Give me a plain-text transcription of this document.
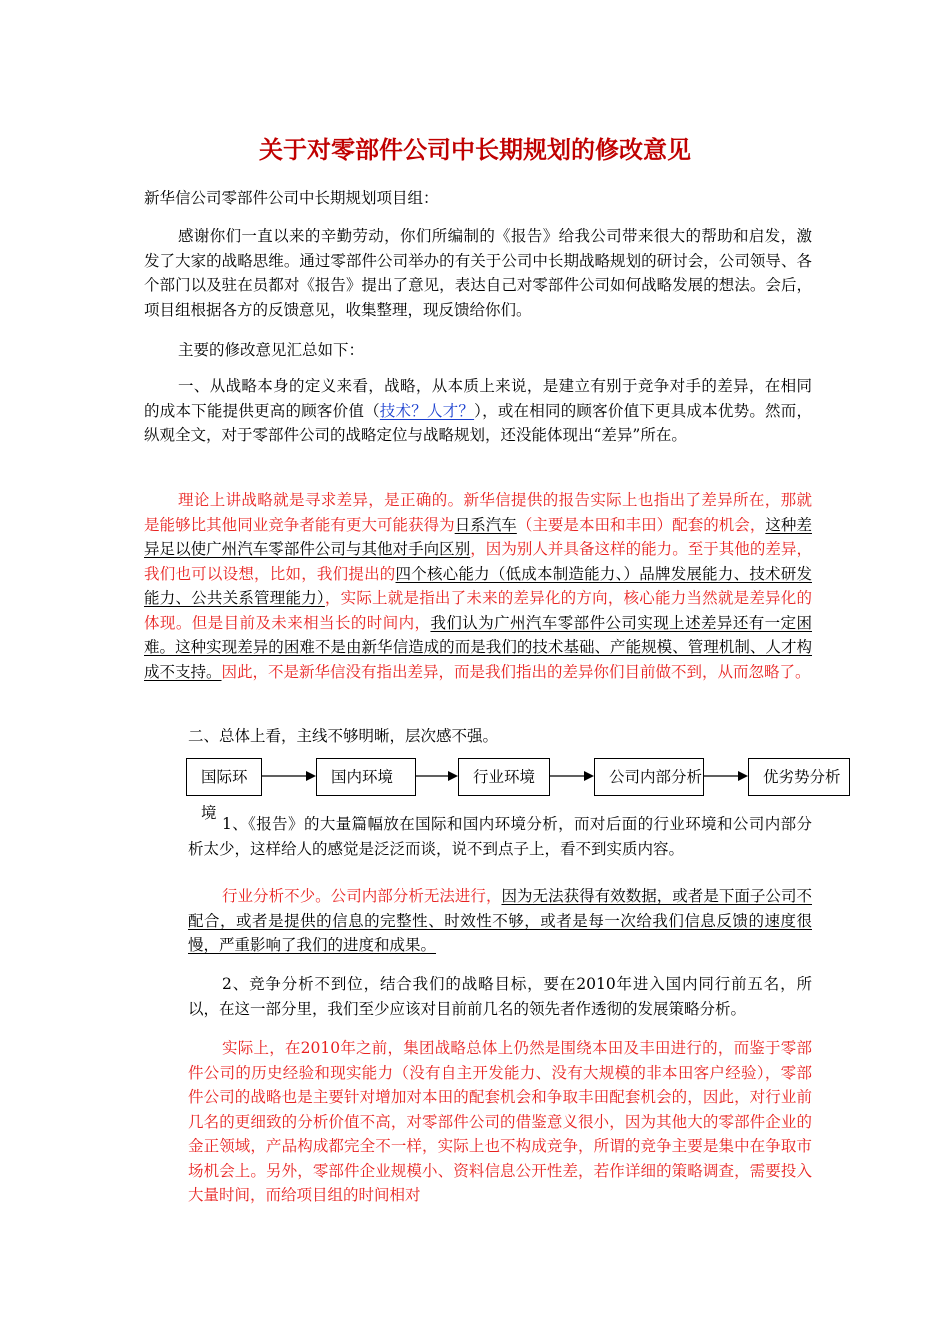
关于对零部件公司中长期规划的修改意见
新华信公司零部件公司中长期规划项目组：
感谢你们一直以来的辛勤劳动，你们所编制的《报告》给我公司带来很大的帮助和启发，激发了大家的战略思维。通过零部件公司举办的有关于公司中长期战略规划的研讨会，公司领导、各个部门以及驻在员都对《报告》提出了意见，表达自己对零部件公司如何战略发展的想法。会后，项目组根据各方的反馈意见，收集整理，现反馈给你们。
主要的修改意见汇总如下：
一、从战略本身的定义来看，战略，从本质上来说，是建立有别于竞争对手的差异，在相同的成本下能提供更高的顾客价值（技术？人才？），或在相同的顾客价值下更具成本优势。然而，纵观全文，对于零部件公司的战略定位与战略规划，还没能体现出“差异”所在。
理论上讲战略就是寻求差异，是正确的。新华信提供的报告实际上也指出了差异所在，那就是能够比其他同业竞争者能有更大可能获得为日系汽车（主要是本田和丰田）配套的机会，这种差异足以使广州汽车零部件公司与其他对手向区别，因为别人并具备这样的能力。至于其他的差异，我们也可以设想，比如，我们提出的四个核心能力（低成本制造能力、）品牌发展能力、技术研发能力、公共关系管理能力），实际上就是指出了未来的差异化的方向，核心能力当然就是差异化的体现。但是目前及未来相当长的时间内，我们认为广州汽车零部件公司实现上述差异还有一定困难。这种实现差异的困难不是由新华信造成的而是我们的技术基础、产能规模、管理机制、人才构成不支持。因此，不是新华信没有指出差异，而是我们指出的差异你们目前做不到，从而忽略了。
二、总体上看，主线不够明晰，层次感不强。
国际环境
国内环境	行业环境	公司内部分析	优劣势分析
1、《报告》的大量篇幅放在国际和国内环境分析，而对后面的行业环境和公司内部分析太少，这样给人的感觉是泛泛而谈，说不到点子上，看不到实质内容。
行业分析不少。公司内部分析无法进行，因为无法获得有效数据，或者是下面子公司不配合，或者是提供的信息的完整性、时效性不够，或者是每一次给我们信息反馈的速度很慢，严重影响了我们的进度和成果。
2、竞争分析不到位，结合我们的战略目标，要在2010年进入国内同行前五名，所以，在这一部分里，我们至少应该对目前前几名的领先者作透彻的发展策略分析。
实际上，在2010年之前，集团战略总体上仍然是围绕本田及丰田进行的，而鉴于零部件公司的历史经验和现实能力（没有自主开发能力、没有大规模的非本田客户经验），零部件公司的战略也是主要针对增加对本田的配套机会和争取丰田配套机会的，因此，对行业前几名的更细致的分析价值不高，对零部件公司的借鉴意义很小，因为其他大的零部件企业的金正领域，产品构成都完全不一样，实际上也不构成竞争，所谓的竞争主要是集中在争取市场机会上。另外，零部件企业规模小、资料信息公开性差，若作详细的策略调查，需要投入大量时间，而给项目组的时间相对
